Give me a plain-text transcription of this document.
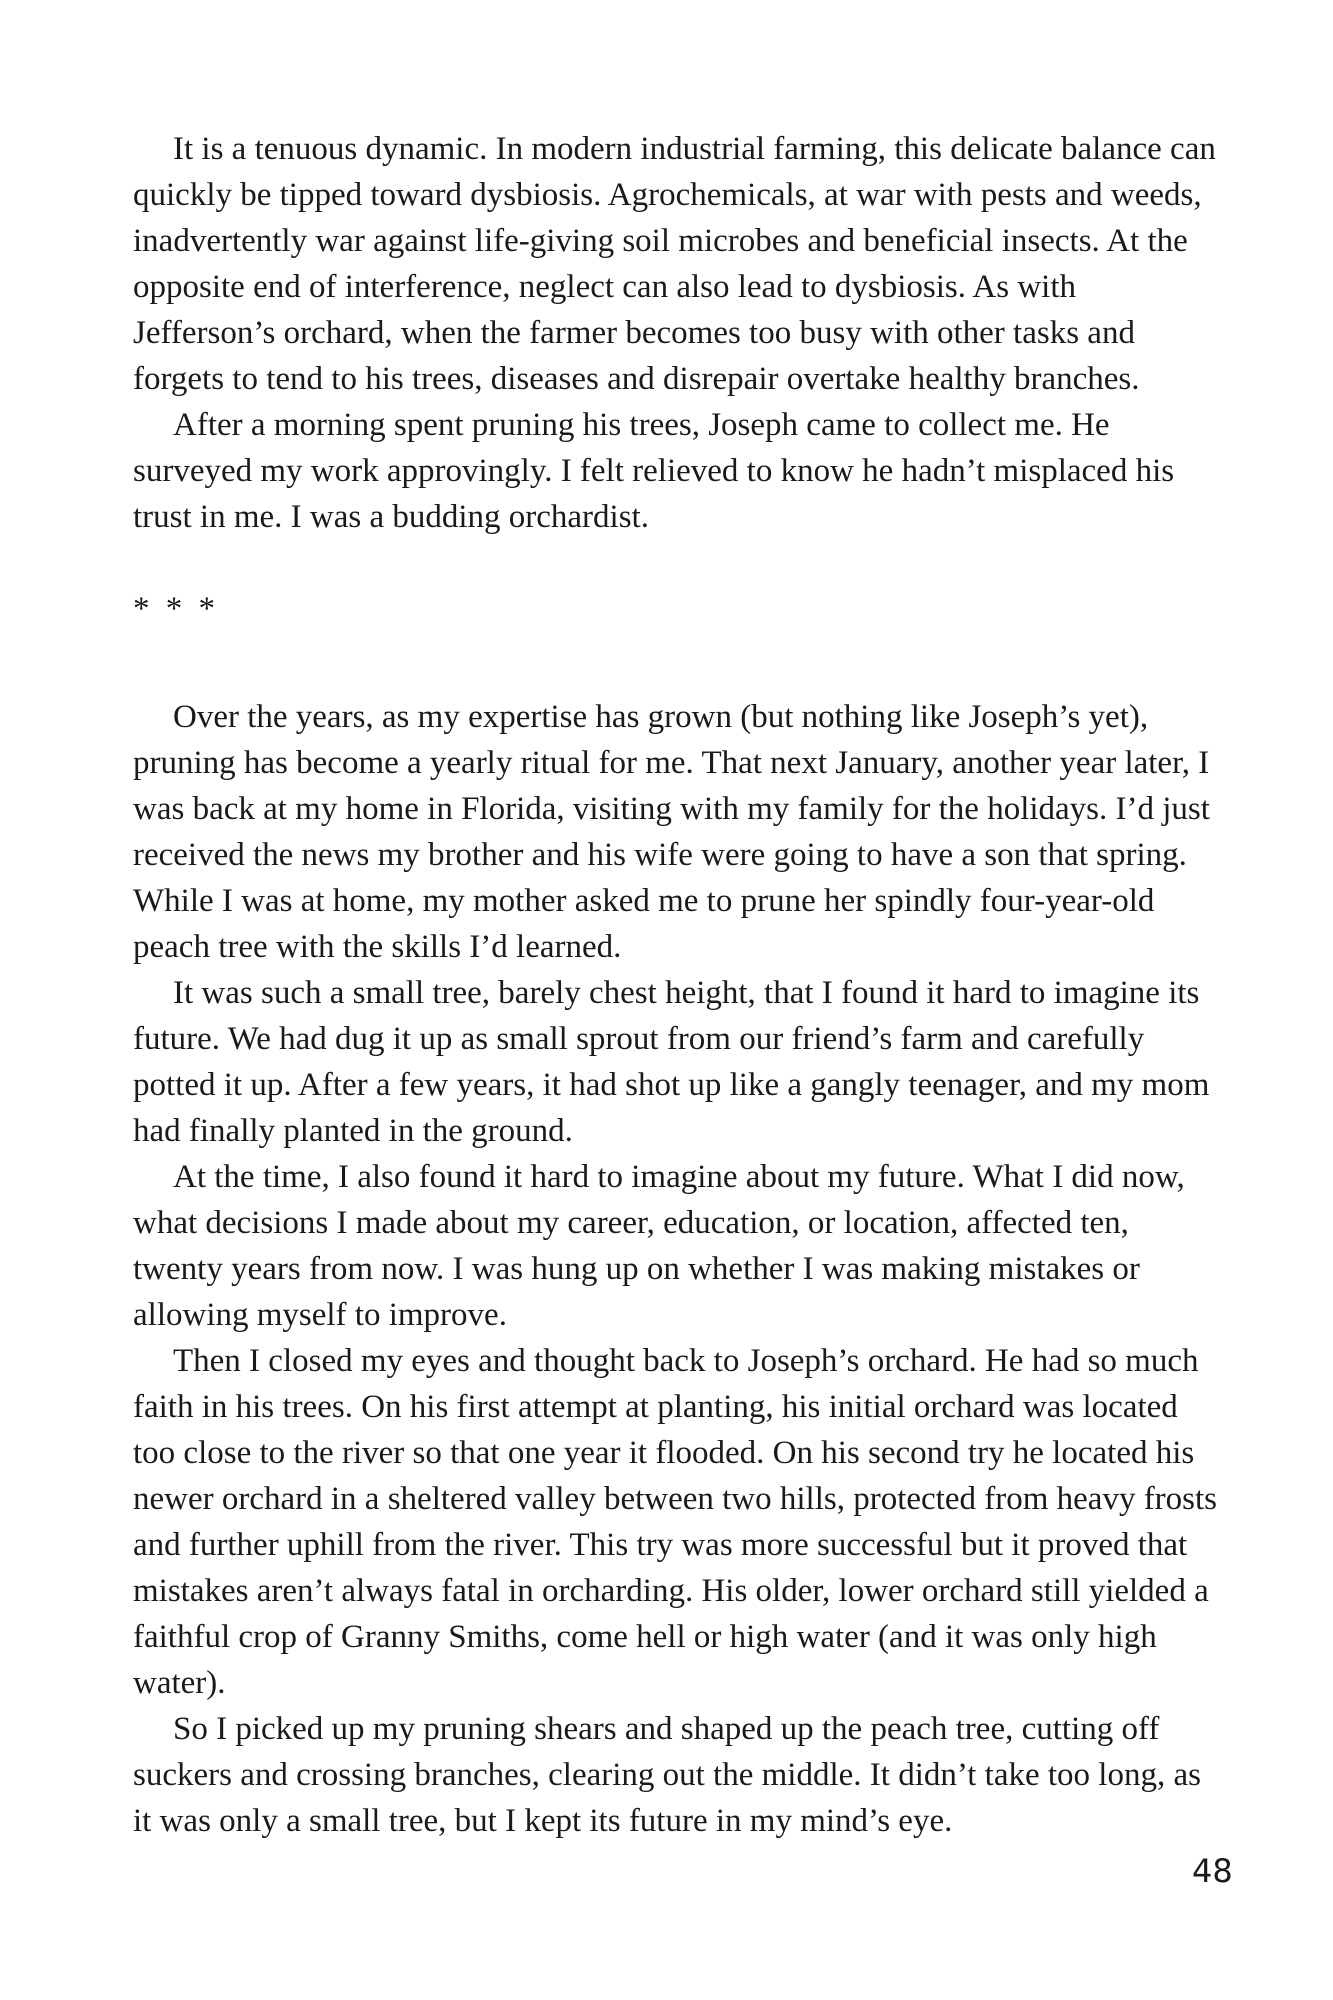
It is a tenuous dynamic. In modern industrial farming, this delicate balance can quickly be tipped toward dysbiosis. Agrochemicals, at war with pests and weeds, inadvertently war against life-giving soil microbes and beneficial insects. At the opposite end of interference, neglect can also lead to dysbiosis. As with Jefferson’s orchard, when the farmer becomes too busy with other tasks and forgets to tend to his trees, diseases and disrepair overtake healthy branches.

After a morning spent pruning his trees, Joseph came to collect me. He surveyed my work approvingly. I felt relieved to know he hadn’t misplaced his trust in me. I was a budding orchardist.

* * *

Over the years, as my expertise has grown (but nothing like Joseph’s yet), pruning has become a yearly ritual for me. That next January, another year later, I was back at my home in Florida, visiting with my family for the holidays. I’d just received the news my brother and his wife were going to have a son that spring. While I was at home, my mother asked me to prune her spindly four-year-old peach tree with the skills I’d learned.

It was such a small tree, barely chest height, that I found it hard to imagine its future. We had dug it up as small sprout from our friend’s farm and carefully potted it up. After a few years, it had shot up like a gangly teenager, and my mom had finally planted in the ground.

At the time, I also found it hard to imagine about my future. What I did now, what decisions I made about my career, education, or location, affected ten, twenty years from now. I was hung up on whether I was making mistakes or allowing myself to improve.

Then I closed my eyes and thought back to Joseph’s orchard. He had so much faith in his trees. On his first attempt at planting, his initial orchard was located too close to the river so that one year it flooded. On his second try he located his newer orchard in a sheltered valley between two hills, protected from heavy frosts and further uphill from the river. This try was more successful but it proved that mistakes aren’t always fatal in orcharding. His older, lower orchard still yielded a faithful crop of Granny Smiths, come hell or high water (and it was only high water).

So I picked up my pruning shears and shaped up the peach tree, cutting off suckers and crossing branches, clearing out the middle. It didn’t take too long, as it was only a small tree, but I kept its future in my mind’s eye.

48
